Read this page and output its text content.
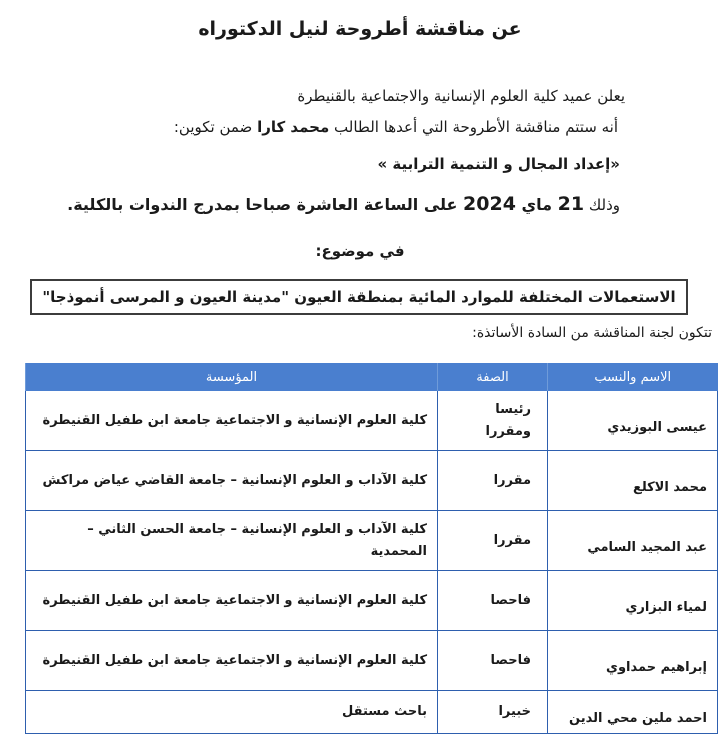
عن مناقشة أطروحة لنيل الدكتوراه
يعلن عميد كلية العلوم الإنسانية والاجتماعية بالقنيطرة
أنه ستتم مناقشة الأطروحة التي أعدها الطالب محمد كارا ضمن تكوين:
«إعداد المجال و التنمية الترابية »
وذلك 21 ماي 2024 على الساعة العاشرة صباحا بمدرج الندوات بالكلية.
في موضوع:
الاستعمالات المختلفة للموارد المائية بمنطقة العيون "مدينة العيون و المرسى أنموذجا"
تتكون لجنة المناقشة من السادة الأساتذة:
الاسم والنسب	الصفة	المؤسسة
عيسى البوزيدي	رئيسا ومقررا	كلية العلوم الإنسانية و الاجتماعية جامعة ابن طفيل القنيطرة
محمد الاكلع	مقررا	كلية الآداب و العلوم الإنسانية – جامعة القاضي عياض مراكش
عبد المجيد السامي	مقررا	كلية الآداب و العلوم الإنسانية – جامعة الحسن الثاني – المحمدية
لمياء البزاري	فاحصا	كلية العلوم الإنسانية و الاجتماعية جامعة ابن طفيل القنيطرة
إبراهيم حمداوي	فاحصا	كلية العلوم الإنسانية و الاجتماعية جامعة ابن طفيل القنيطرة
احمد ملين محي الدين	خبيرا	باحث مستقل
